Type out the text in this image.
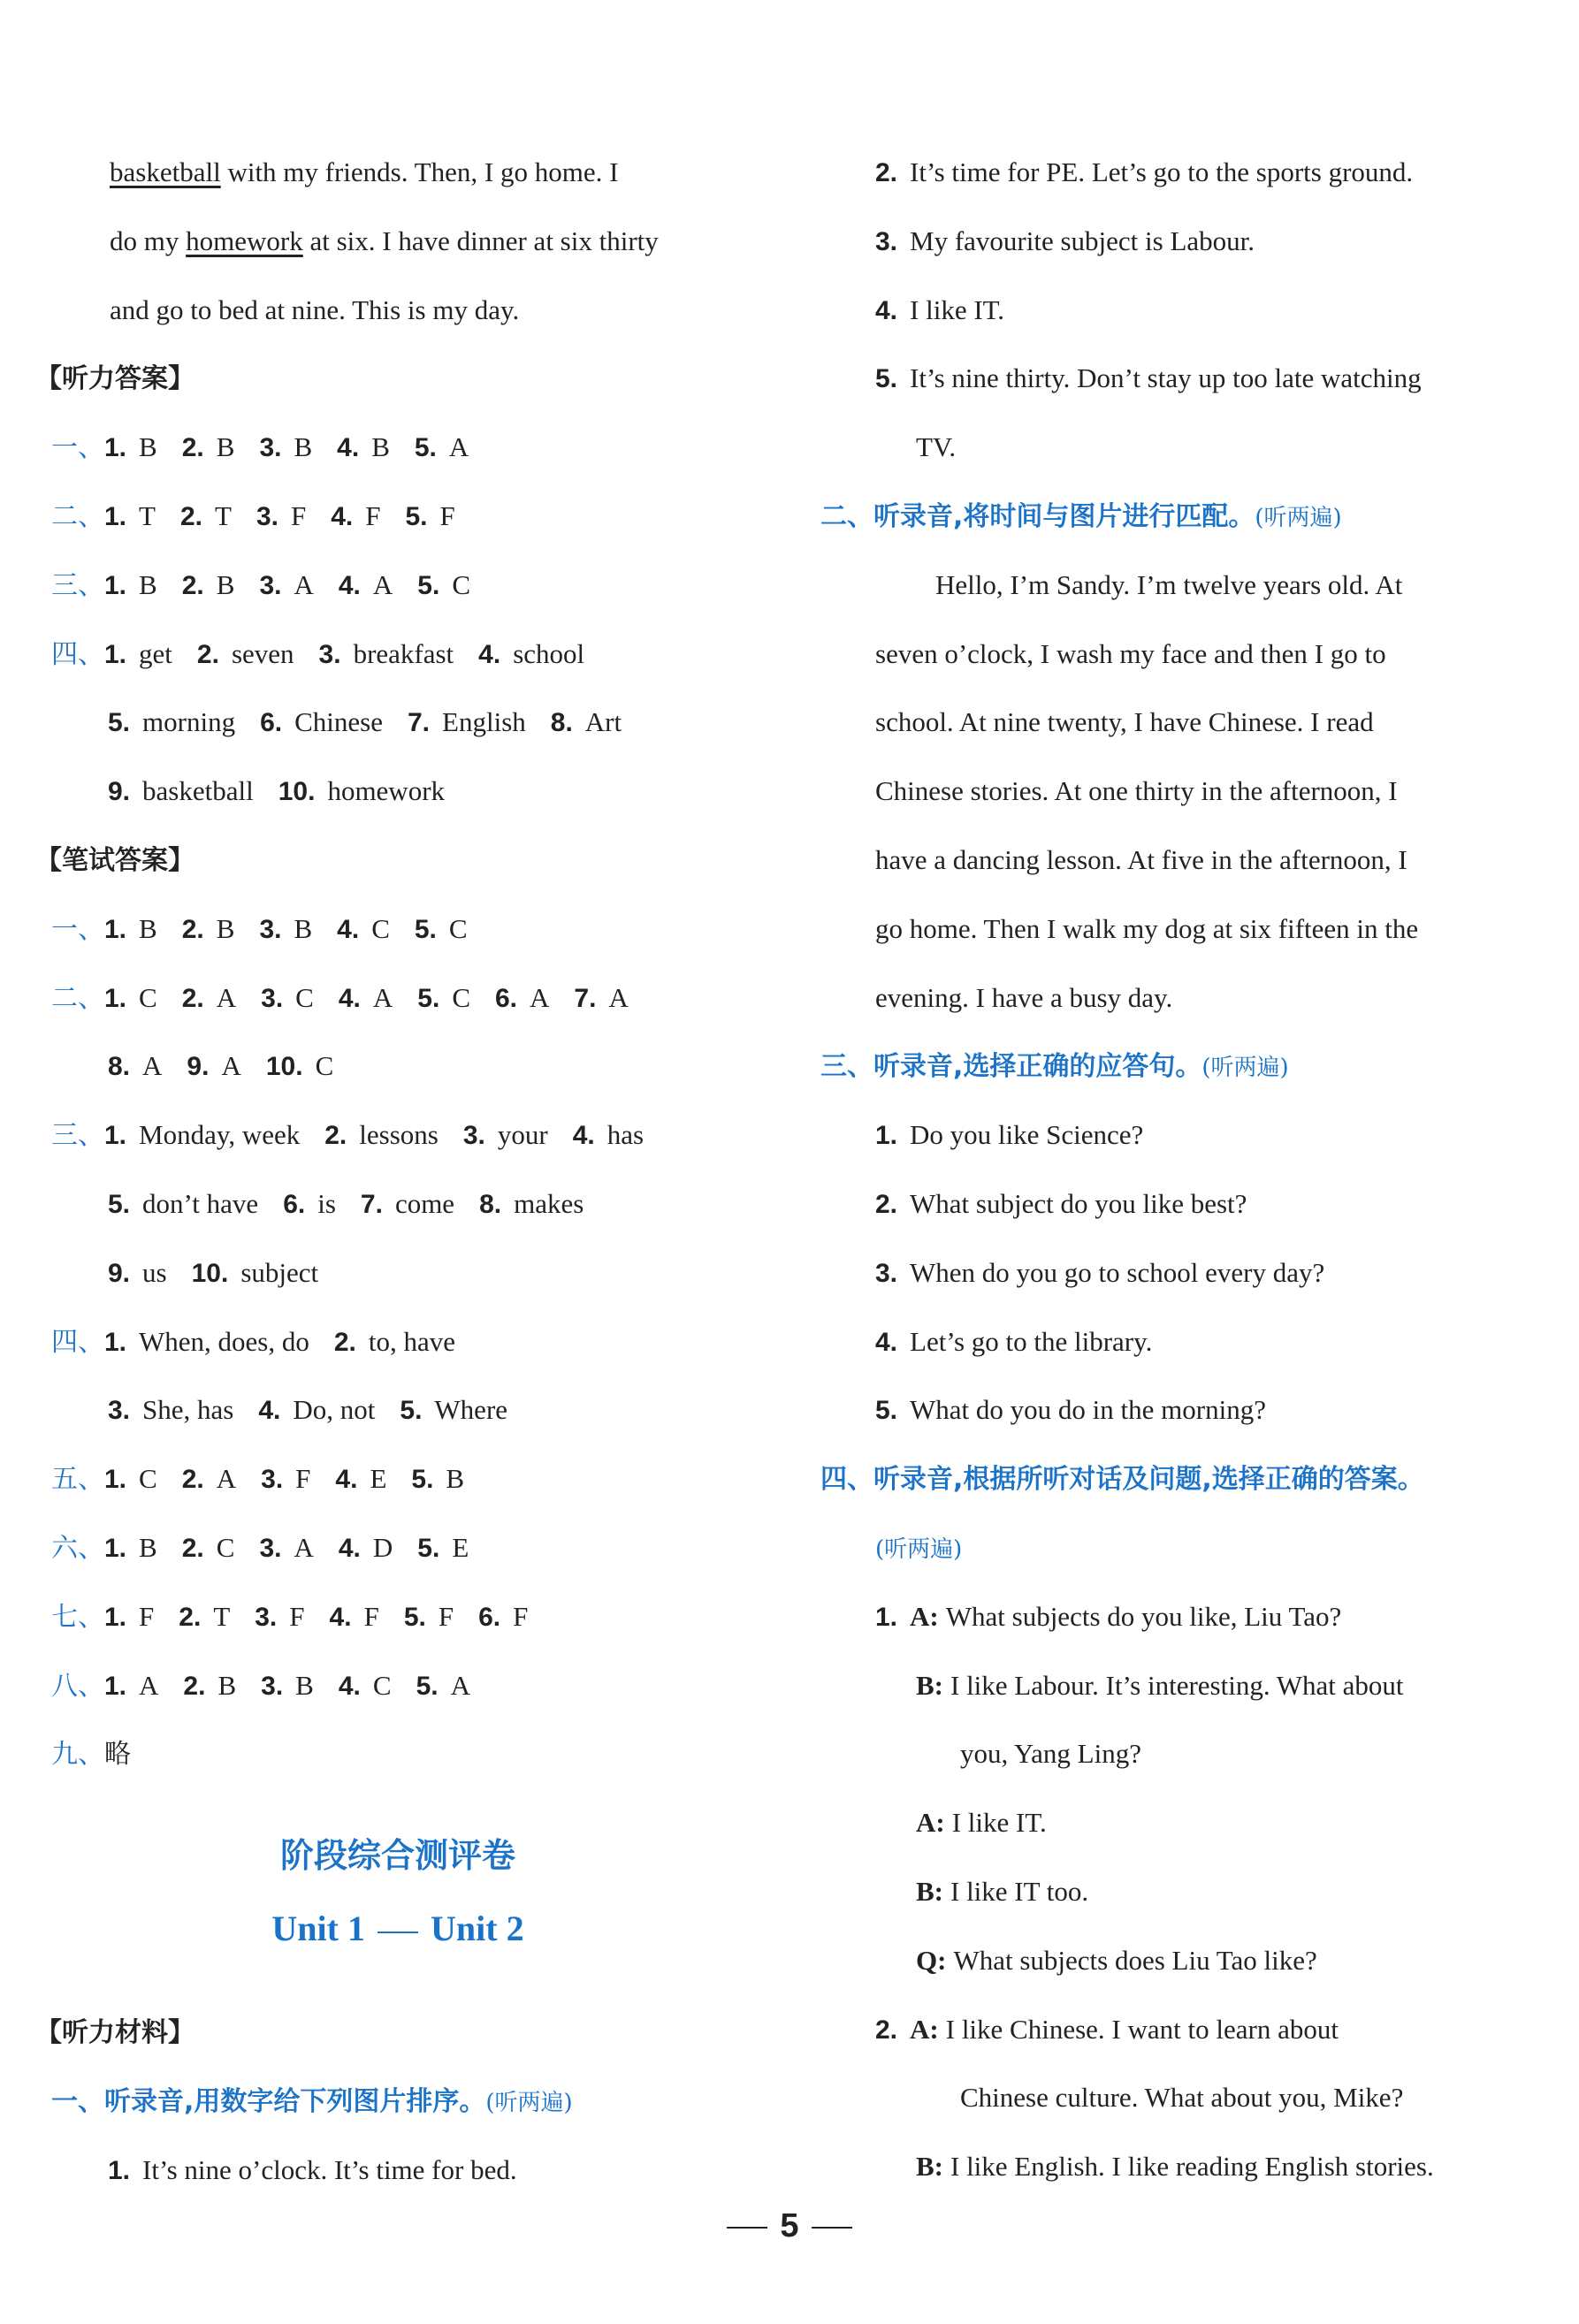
basketball with my friends. Then, I go home. I
do my homework at six. I have dinner at six thirty
and go to bed at nine. This is my day.
【听力答案】
一、1. B 2. B 3. B 4. B 5. A
二、1. T 2. T 3. F 4. F 5. F
三、1. B 2. B 3. A 4. A 5. C
四、1. get 2. seven 3. breakfast 4. school
5. morning 6. Chinese 7. English 8. Art
9. basketball 10. homework
【笔试答案】
一、1. B 2. B 3. B 4. C 5. C
二、1. C 2. A 3. C 4. A 5. C 6. A 7. A
8. A 9. A 10. C
三、1. Monday, week 2. lessons 3. your 4. has
5. don’t have 6. is 7. come 8. makes
9. us 10. subject
四、1. When, does, do 2. to, have
3. She, has 4. Do, not 5. Where
五、1. C 2. A 3. F 4. E 5. B
六、1. B 2. C 3. A 4. D 5. E
七、1. F 2. T 3. F 4. F 5. F 6. F
八、1. A 2. B 3. B 4. C 5. A
九、略
【听力材料】
一、听录音,用数字给下列图片排序。(听两遍)
1. It’s nine o’clock. It’s time for bed.
2. It’s time for PE. Let’s go to the sports ground.
3. My favourite subject is Labour.
4. I like IT.
5. It’s nine thirty. Don’t stay up too late watching
TV.
二、听录音,将时间与图片进行匹配。(听两遍)
Hello, I’m Sandy. I’m twelve years old. At
seven o’clock, I wash my face and then I go to
school. At nine twenty, I have Chinese. I read
Chinese stories. At one thirty in the afternoon, I
have a dancing lesson. At five in the afternoon, I
go home. Then I walk my dog at six fifteen in the
evening. I have a busy day.
三、听录音,选择正确的应答句。(听两遍)
1. Do you like Science?
2. What subject do you like best?
3. When do you go to school every day?
4. Let’s go to the library.
5. What do you do in the morning?
四、听录音,根据所听对话及问题,选择正确的答案。
(听两遍)
1. A: What subjects do you like, Liu Tao?
B: I like Labour. It’s interesting. What about
you, Yang Ling?
A: I like IT.
B: I like IT too.
Q: What subjects does Liu Tao like?
2. A: I like Chinese. I want to learn about
Chinese culture. What about you, Mike?
B: I like English. I like reading English stories.
阶段综合测评卷
Unit 1 Unit 2
5
